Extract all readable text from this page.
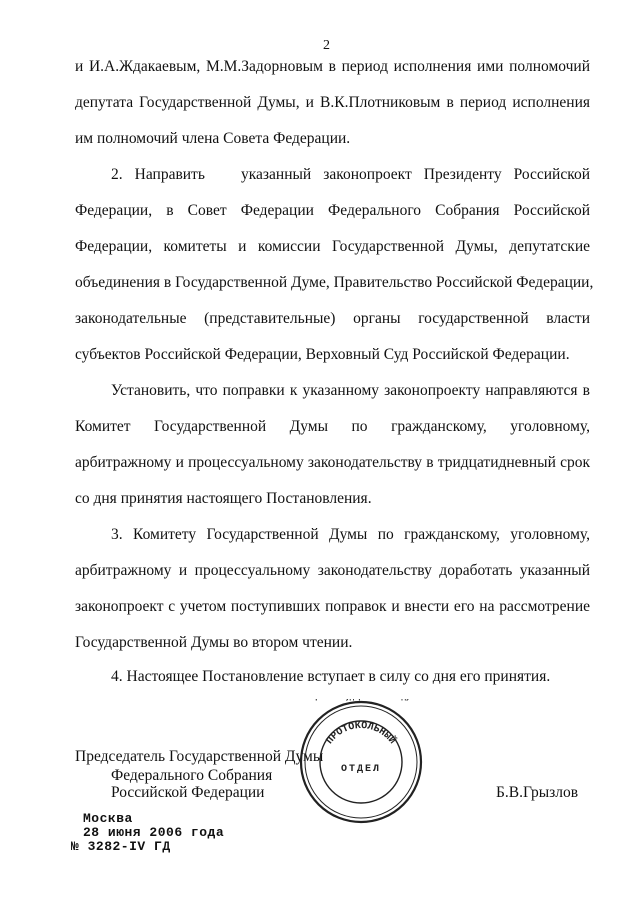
2
и И.А.Ждакаевым, М.М.Задорновым в период исполнения ими полномочий
депутата Государственной Думы, и В.К.Плотниковым в период исполнения
им полномочий члена Совета Федерации.
2. Направить   указанный законопроект Президенту Российской
Федерации, в Совет Федерации Федерального Собрания Российской
Федерации, комитеты и комиссии Государственной Думы, депутатские
объединения в Государственной Думе, Правительство Российской Федерации,
законодательные (представительные) органы государственной власти
субъектов Российской Федерации, Верховный Суд Российской Федерации.
Установить, что поправки к указанному законопроекту направляются в
Комитет Государственной Думы по гражданскому, уголовному,
арбитражному и процессуальному законодательству в тридцатидневный срок
со дня принятия настоящего Постановления.
3. Комитету Государственной Думы по гражданскому, уголовному,
арбитражному и процессуальному законодательству доработать указанный
законопроект с учетом поступивших поправок и внести его на рассмотрение
Государственной Думы во втором чтении.
4. Настоящее Постановление вступает в силу со дня его принятия.
Председатель Государственной Думы
Федерального Собрания
Российской Федерации	Б.В.Грызлов
ПРОТОКОЛЬНЫЙ
ОТДЕЛ
Москва
28 июня 2006 года
№ 3282-IV ГД
